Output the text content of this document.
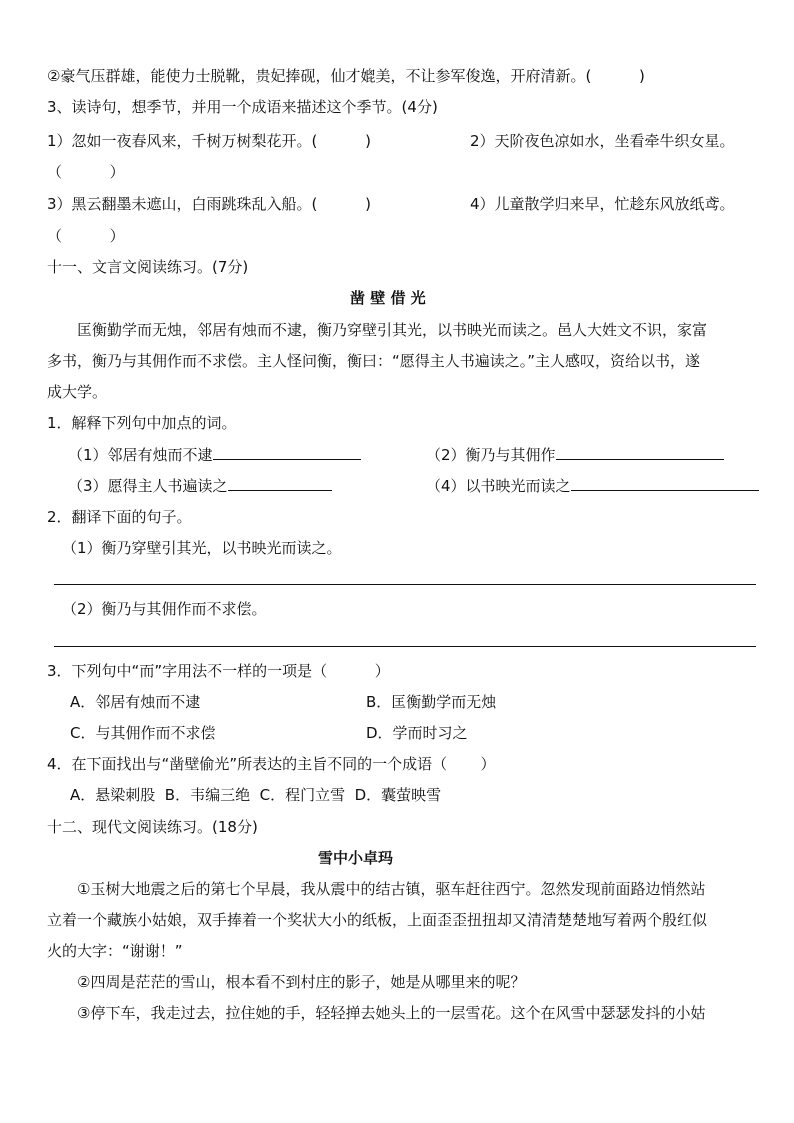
②豪气压群雄，能使力士脱靴，贵妃捧砚，仙才媲美，不让参军俊逸，开府清新。(          )
3、读诗句，想季节，并用一个成语来描述这个季节。(4分)
1）忽如一夜春风来，千树万树梨花开。(          )	2）天阶夜色凉如水，坐看牵牛织女星。
（          ）
3）黑云翻墨未遮山，白雨跳珠乱入船。(          )	4）儿童散学归来早，忙趁东风放纸鸢。
（          ）
十一、文言文阅读练习。(7分)
凿 壁 借 光
匡衡勤学而无烛，邻居有烛而不逮，衡乃穿壁引其光，以书映光而读之。邑人大姓文不识，家富
多书，衡乃与其佣作而不求偿。主人怪问衡，衡曰：“愿得主人书遍读之。”主人感叹，资给以书，遂
成大学。
1．解释下列句中加点的词。
（1）邻居有烛而不逮	（2）衡乃与其佣作
（3）愿得主人书遍读之	（4）以书映光而读之
2．翻译下面的句子。
（1）衡乃穿壁引其光，以书映光而读之。
（2）衡乃与其佣作而不求偿。
3．下列句中“而”字用法不一样的一项是（          ）
A．邻居有烛而不逮	B．匡衡勤学而无烛
C．与其佣作而不求偿	D．学而时习之
4．在下面找出与“凿壁偷光”所表达的主旨不同的一个成语（       ）
A．悬梁刺股  B．韦编三绝  C．程门立雪  D．囊萤映雪
十二、现代文阅读练习。(18分)
雪中小卓玛
①玉树大地震之后的第七个早晨，我从震中的结古镇，驱车赶往西宁。忽然发现前面路边悄然站
立着一个藏族小姑娘，双手捧着一个奖状大小的纸板，上面歪歪扭扭却又清清楚楚地写着两个殷红似
火的大字：“谢谢！”
②四周是茫茫的雪山，根本看不到村庄的影子，她是从哪里来的呢？
③停下车，我走过去，拉住她的手，轻轻掸去她头上的一层雪花。这个在风雪中瑟瑟发抖的小姑
